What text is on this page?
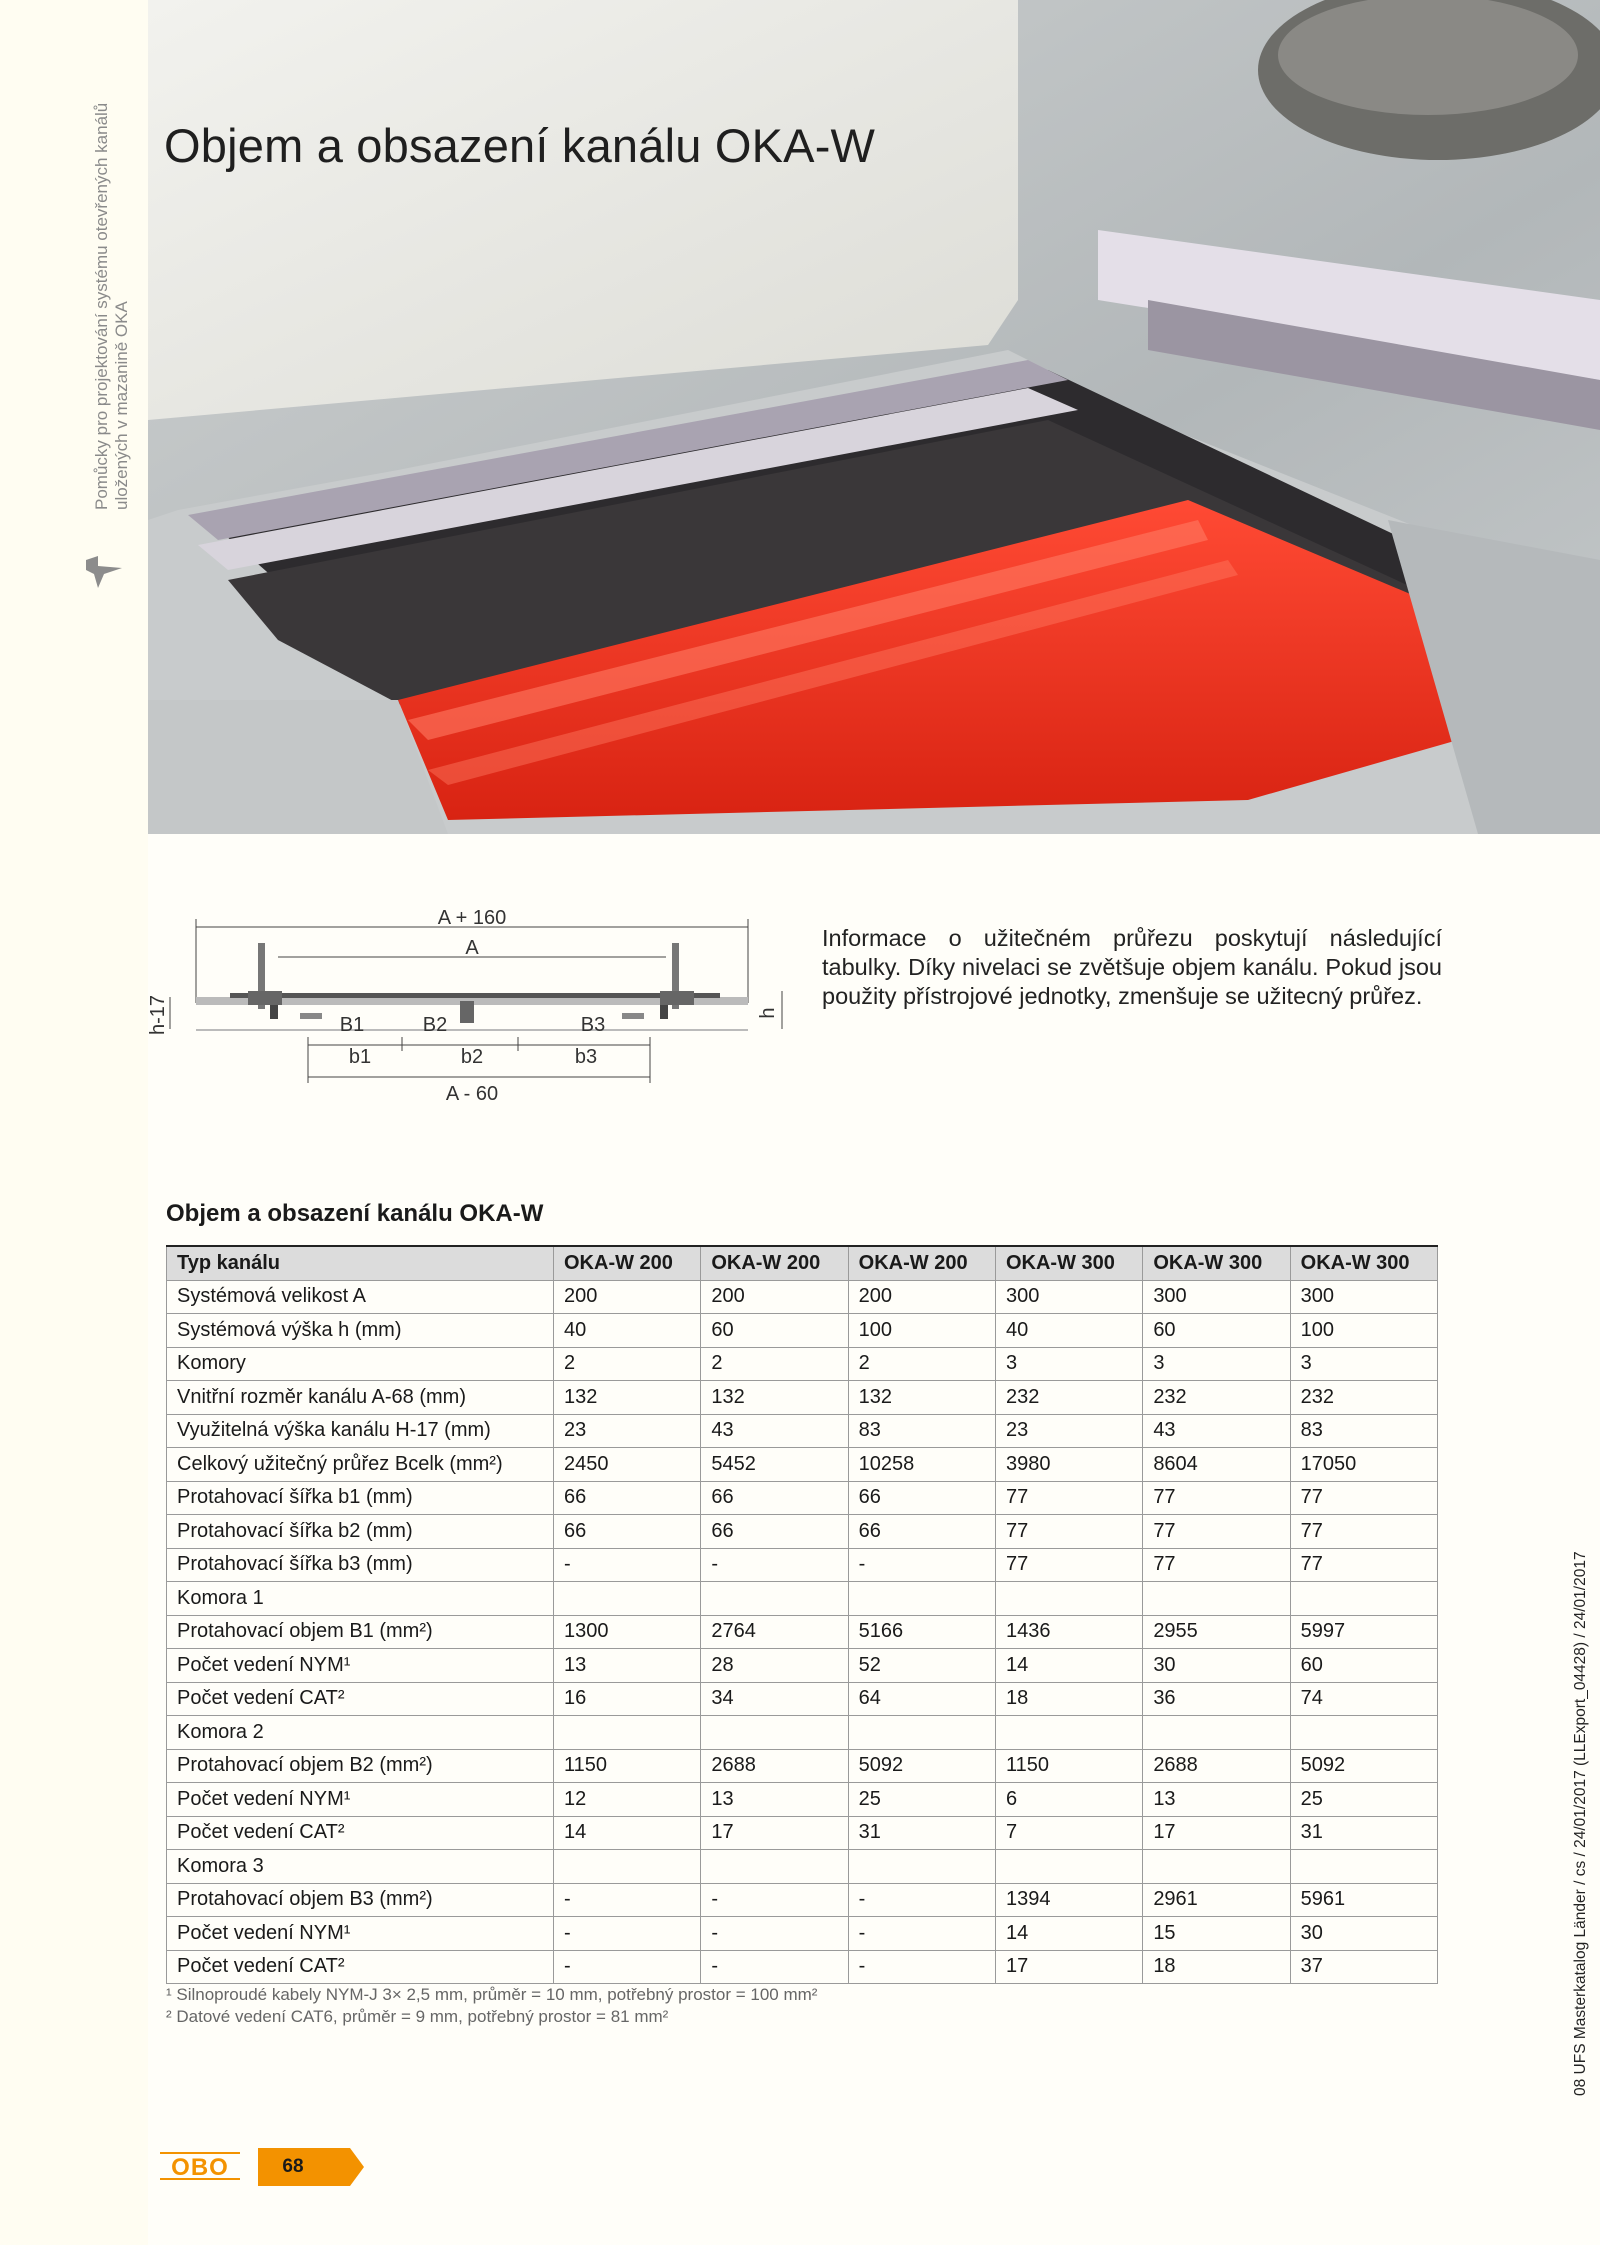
Pomůcky pro projektování systému otevřených kanálů uložených v mazanině OKA
Objem a obsazení kanálu OKA-W
A + 160
A
h-17	h
B1	B2	B3
b1	b2	b3
A - 60

Informace o užitečném průřezu poskytují následující tabulky. Díky nivelaci se zvětšuje objem kanálu. Pokud jsou použity přístrojové jednotky, zmenšuje se užitecný průřez.

Objem a obsazení kanálu OKA-W
Typ kanálu	OKA-W 200	OKA-W 200	OKA-W 200	OKA-W 300	OKA-W 300	OKA-W 300
Systémová velikost A	200	200	200	300	300	300
Systémová výška h (mm)	40	60	100	40	60	100
Komory	2	2	2	3	3	3
Vnitřní rozměr kanálu A-68 (mm)	132	132	132	232	232	232
Využitelná výška kanálu H-17 (mm)	23	43	83	23	43	83
Celkový užitečný průřez Bcelk (mm²)	2450	5452	10258	3980	8604	17050
Protahovací šířka b1 (mm)	66	66	66	77	77	77
Protahovací šířka b2 (mm)	66	66	66	77	77	77
Protahovací šířka b3 (mm)	-	-	-	77	77	77
Komora 1						
Protahovací objem B1 (mm²)	1300	2764	5166	1436	2955	5997
Počet vedení NYM¹	13	28	52	14	30	60
Počet vedení CAT²	16	34	64	18	36	74
Komora 2						
Protahovací objem B2 (mm²)	1150	2688	5092	1150	2688	5092
Počet vedení NYM¹	12	13	25	6	13	25
Počet vedení CAT²	14	17	31	7	17	31
Komora 3						
Protahovací objem B3 (mm²)	-	-	-	1394	2961	5961
Počet vedení NYM¹	-	-	-	14	15	30
Počet vedení CAT²	-	-	-	17	18	37
¹ Silnoproudé kabely NYM-J 3× 2,5 mm, průměr = 10 mm, potřebný prostor = 100 mm²
² Datové vedení CAT6, průměr = 9 mm, potřebný prostor = 81 mm²	08 UFS Masterkatalog Länder / cs / 24/01/2017 (LLExport_04428) / 24/01/2017
OBO	68
